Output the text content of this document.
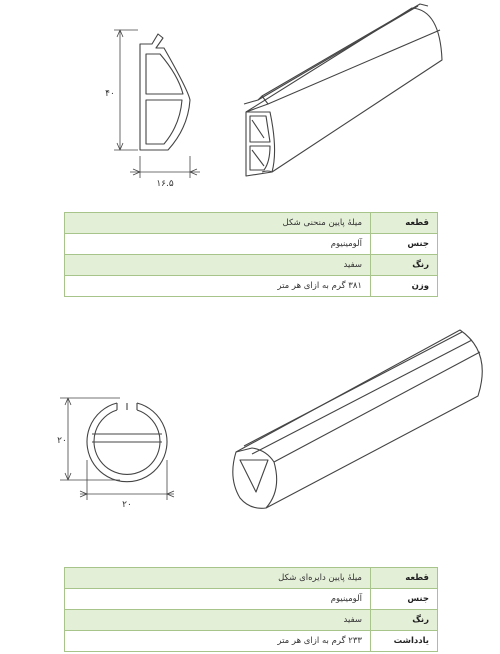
۴۰
۱۶.۵
قطعه	میلهٔ پایین منحنی شکل
جنس	آلومینیوم
رنگ	سفید
وزن	۳۸۱ گرم به ازای هر متر
۲۰
۲۰
قطعه	میلهٔ پایین دایره‌ای شکل
جنس	آلومینیوم
رنگ	سفید
یادداشت	۲۳۳ گرم به ازای هر متر
